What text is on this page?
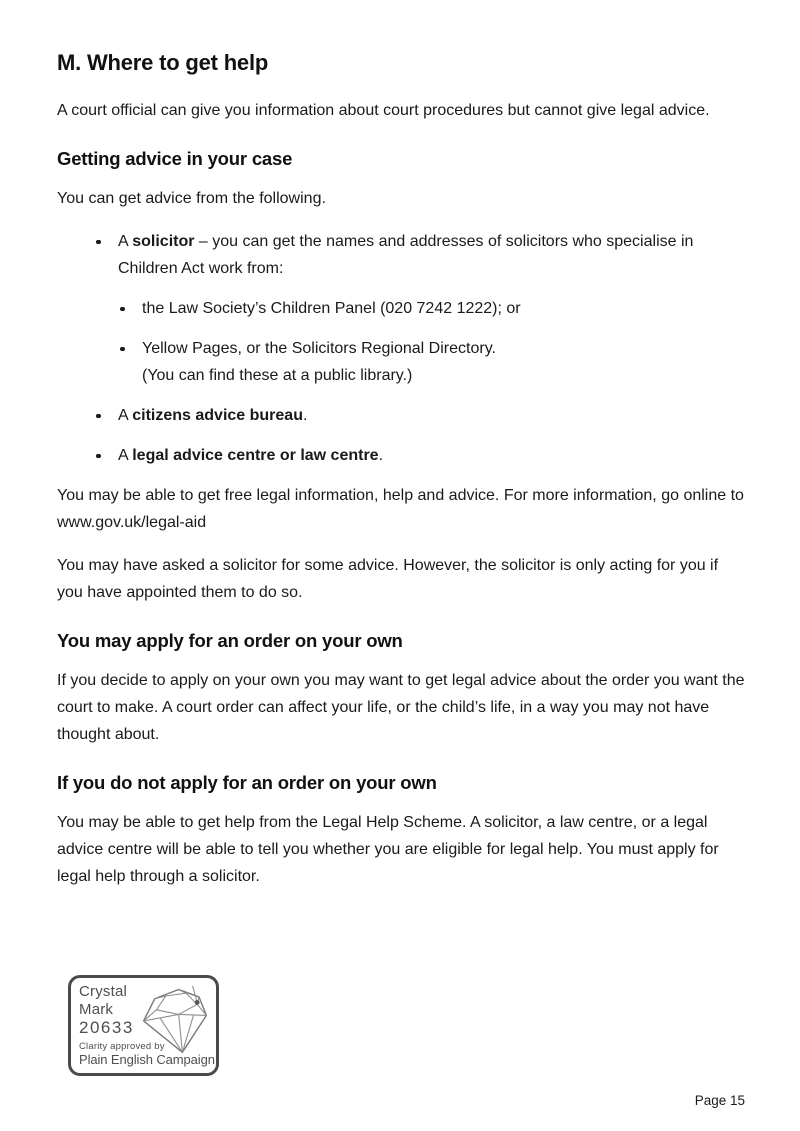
M. Where to get help

A court official can give you information about court procedures but cannot give legal advice.

Getting advice in your case

You can get advice from the following.

A solicitor – you can get the names and addresses of solicitors who specialise in Children Act work from:
the Law Society’s Children Panel (020 7242 1222); or
Yellow Pages, or the Solicitors Regional Directory.
(You can find these at a public library.)
A citizens advice bureau.
A legal advice centre or law centre.

You may be able to get free legal information, help and advice. For more information, go online to www.gov.uk/legal-aid

You may have asked a solicitor for some advice. However, the solicitor is only acting for you if you have appointed them to do so.

You may apply for an order on your own

If you decide to apply on your own you may want to get legal advice about the order you want the court to make. A court order can affect your life, or the child’s life, in a way you may not have thought about.

If you do not apply for an order on your own

You may be able to get help from the Legal Help Scheme. A solicitor, a law centre, or a legal advice centre will be able to tell you whether you are eligible for legal help. You must apply for legal help through a solicitor.

Crystal
Mark
20633
Clarity approved by
Plain English Campaign
Page 15
